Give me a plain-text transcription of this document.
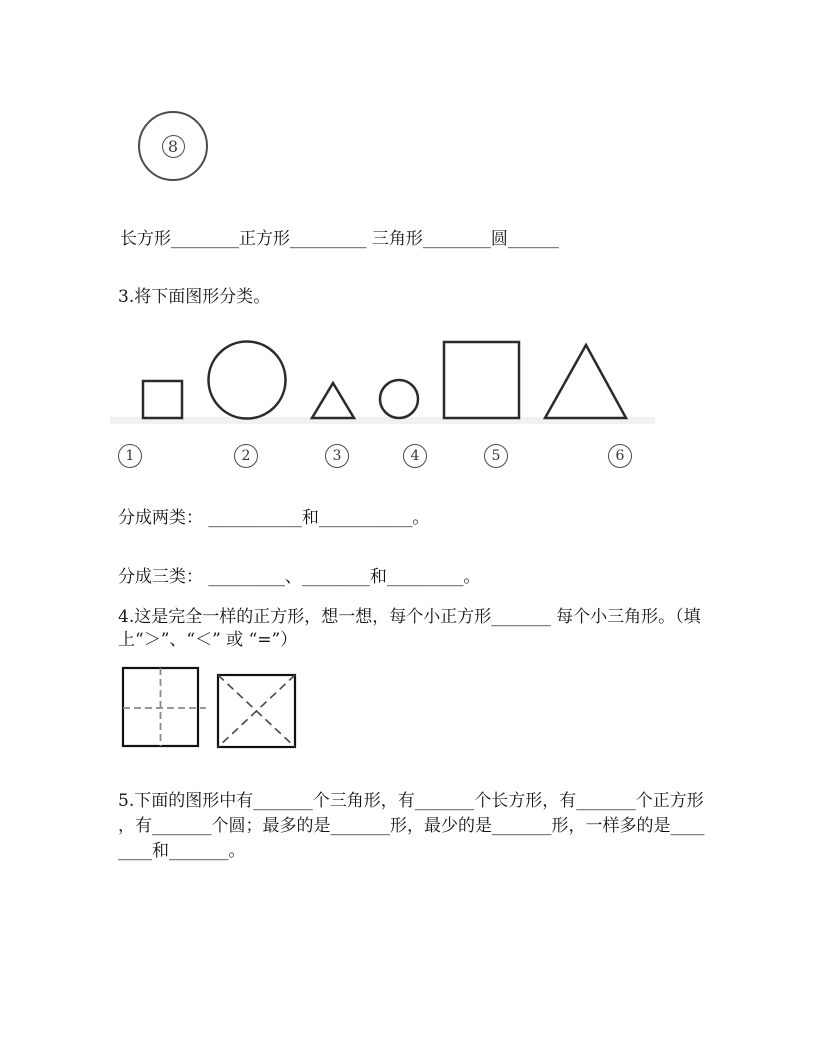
8
长方形________正方形_________ 三角形________圆______
3.将下面图形分类。
1	2	3	4	5	6
分成两类： ___________和___________。
分成三类： _________、________和_________。
4.这是完全一样的正方形，想一想，每个小正方形_______ 每个小三角形。（填
上“＞”、“＜” 或 “=”）
5.下面的图形中有_______个三角形，有_______个长方形，有_______个正方形
，有_______个圆；最多的是_______形，最少的是_______形，一样多的是____
____和_______。
